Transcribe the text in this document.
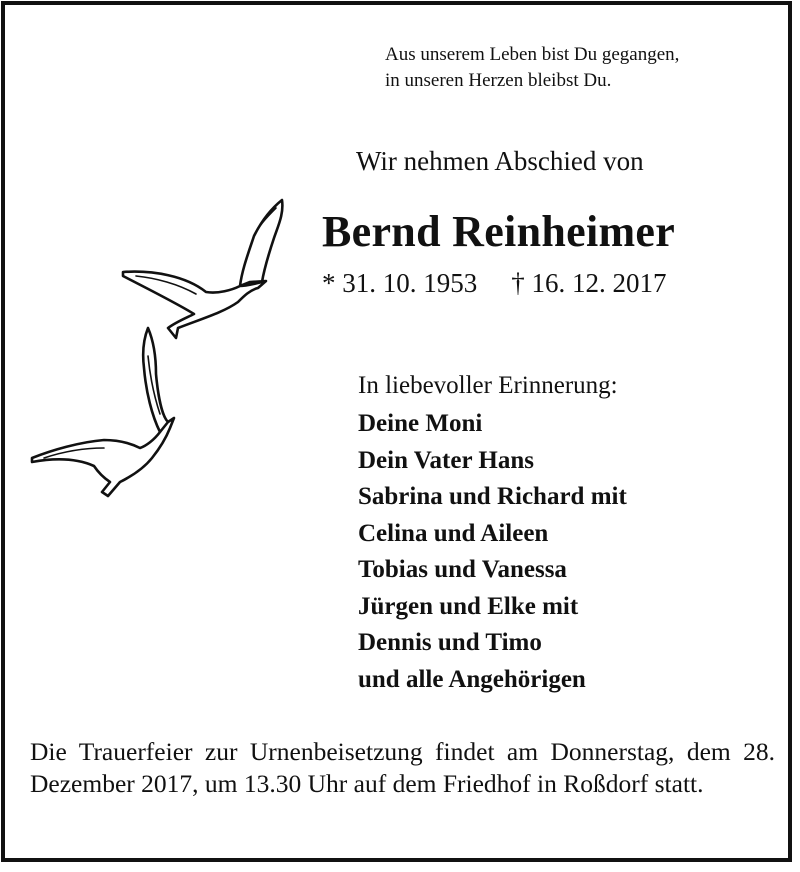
Aus unserem Leben bist Du gegangen,
in unseren Herzen bleibst Du.
Wir nehmen Abschied von
Bernd Reinheimer
* 31. 10. 1953 † 16. 12. 2017
In liebevoller Erinnerung:
Deine Moni
Dein Vater Hans
Sabrina und Richard mit
Celina und Aileen
Tobias und Vanessa
Jürgen und Elke mit
Dennis und Timo
und alle Angehörigen
Die Trauerfeier zur Urnenbeisetzung findet am Donnerstag, dem 28. Dezember 2017, um 13.30 Uhr auf dem Friedhof in Roßdorf statt.
